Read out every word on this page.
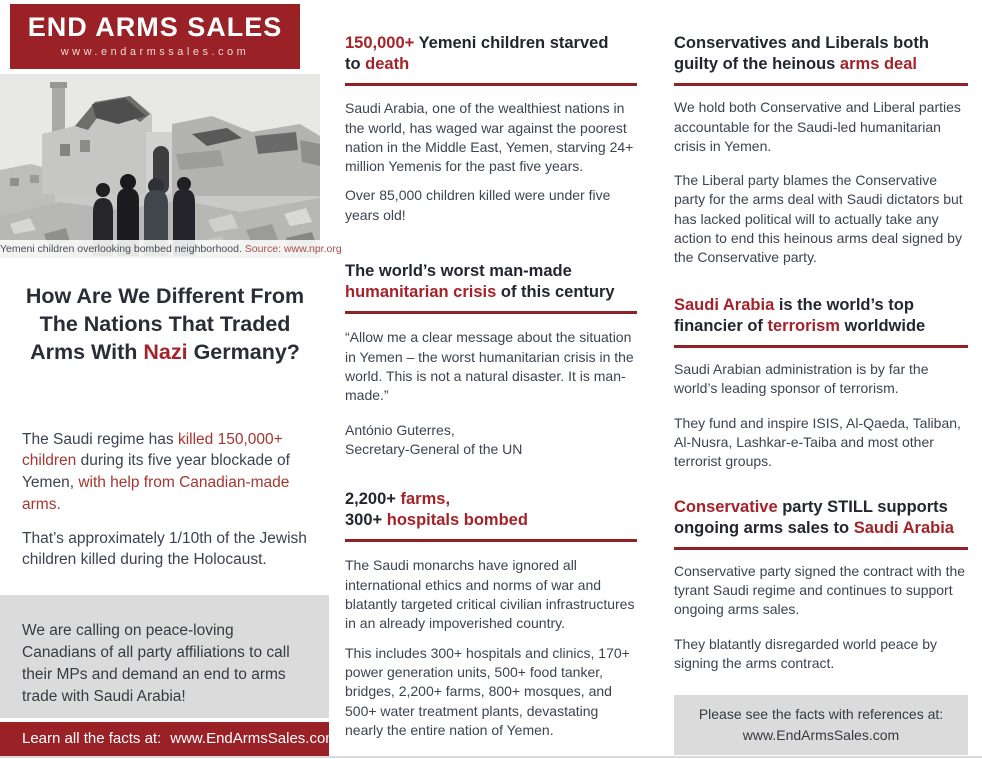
END ARMS SALES
www.endarmssales.com
Yemeni children overlooking bombed neighborhood. Source: www.npr.org
How Are We Different From
The Nations That Traded
Arms With Nazi Germany?

The Saudi regime has killed 150,000+ children during its five year blockade of Yemen, with help from Canadian-made arms.

That’s approximately 1/10th of the Jewish children killed during the Holocaust.

We are calling on peace-loving Canadians of all party affiliations to call their MPs and demand an end to arms trade with Saudi Arabia!
Learn all the facts at: www.EndArmsSales.com
150,000+ Yemeni children starved
to death

Saudi Arabia, one of the wealthiest nations in the world, has waged war against the poorest nation in the Middle East, Yemen, starving 24+ million Yemenis for the past five years.

Over 85,000 children killed were under five years old!

The world’s worst man-made
humanitarian crisis of this century

“Allow me a clear message about the situation in Yemen – the worst humanitarian crisis in the world. This is not a natural disaster. It is man-made.”

António Guterres,
Secretary-General of the UN

2,200+ farms,
300+ hospitals bombed

The Saudi monarchs have ignored all international ethics and norms of war and blatantly targeted critical civilian infrastructures in an already impoverished country.

This includes 300+ hospitals and clinics, 170+ power generation units, 500+ food tanker, bridges, 2,200+ farms, 800+ mosques, and 500+ water treatment plants, devastating nearly the entire nation of Yemen.

Conservatives and Liberals both
guilty of the heinous arms deal

We hold both Conservative and Liberal parties accountable for the Saudi-led humanitarian crisis in Yemen.

The Liberal party blames the Conservative party for the arms deal with Saudi dictators but has lacked political will to actually take any action to end this heinous arms deal signed by the Conservative party.

Saudi Arabia is the world’s top
financier of terrorism worldwide

Saudi Arabian administration is by far the world’s leading sponsor of terrorism.

They fund and inspire ISIS, Al-Qaeda, Taliban, Al-Nusra, Lashkar-e-Taiba and most other terrorist groups.

Conservative party STILL supports
ongoing arms sales to Saudi Arabia

Conservative party signed the contract with the tyrant Saudi regime and continues to support ongoing arms sales.

They blatantly disregarded world peace by signing the arms contract.

Please see the facts with references at:
www.EndArmsSales.com
